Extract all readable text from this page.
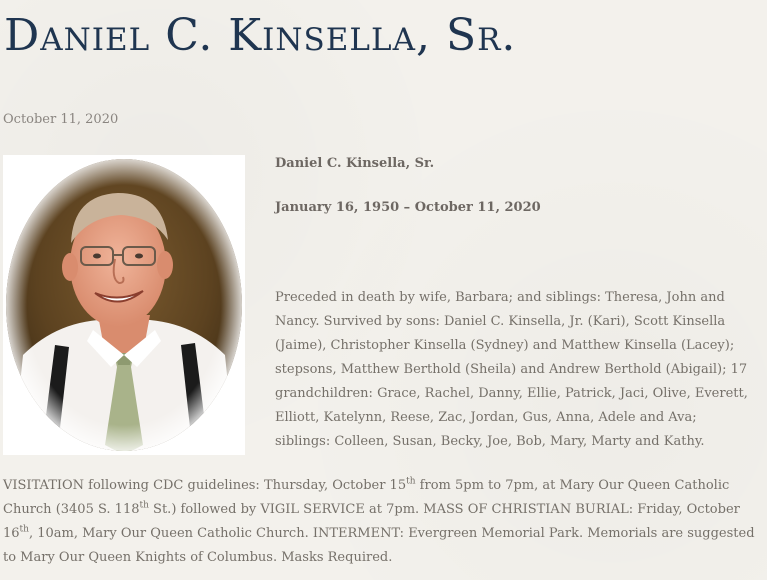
Daniel C. Kinsella, Sr.
October 11, 2020

Daniel C. Kinsella, Sr.

January 16, 1950 – October 11, 2020

Preceded in death by wife, Barbara; and siblings: Theresa, John and Nancy. Survived by sons: Daniel C. Kinsella, Jr. (Kari), Scott Kinsella (Jaime), Christopher Kinsella (Sydney) and Matthew Kinsella (Lacey); stepsons, Matthew Berthold (Sheila) and Andrew Berthold (Abigail); 17 grandchildren: Grace, Rachel, Danny, Ellie, Patrick, Jaci, Olive, Everett, Elliott, Katelynn, Reese, Zac, Jordan, Gus, Anna, Adele and Ava; siblings: Colleen, Susan, Becky, Joe, Bob, Mary, Marty and Kathy.

VISITATION following CDC guidelines: Thursday, October 15th from 5pm to 7pm, at Mary Our Queen Catholic Church (3405 S. 118th St.) followed by VIGIL SERVICE at 7pm. MASS OF CHRISTIAN BURIAL: Friday, October 16th, 10am, Mary Our Queen Catholic Church. INTERMENT: Evergreen Memorial Park. Memorials are suggested to Mary Our Queen Knights of Columbus. Masks Required.
